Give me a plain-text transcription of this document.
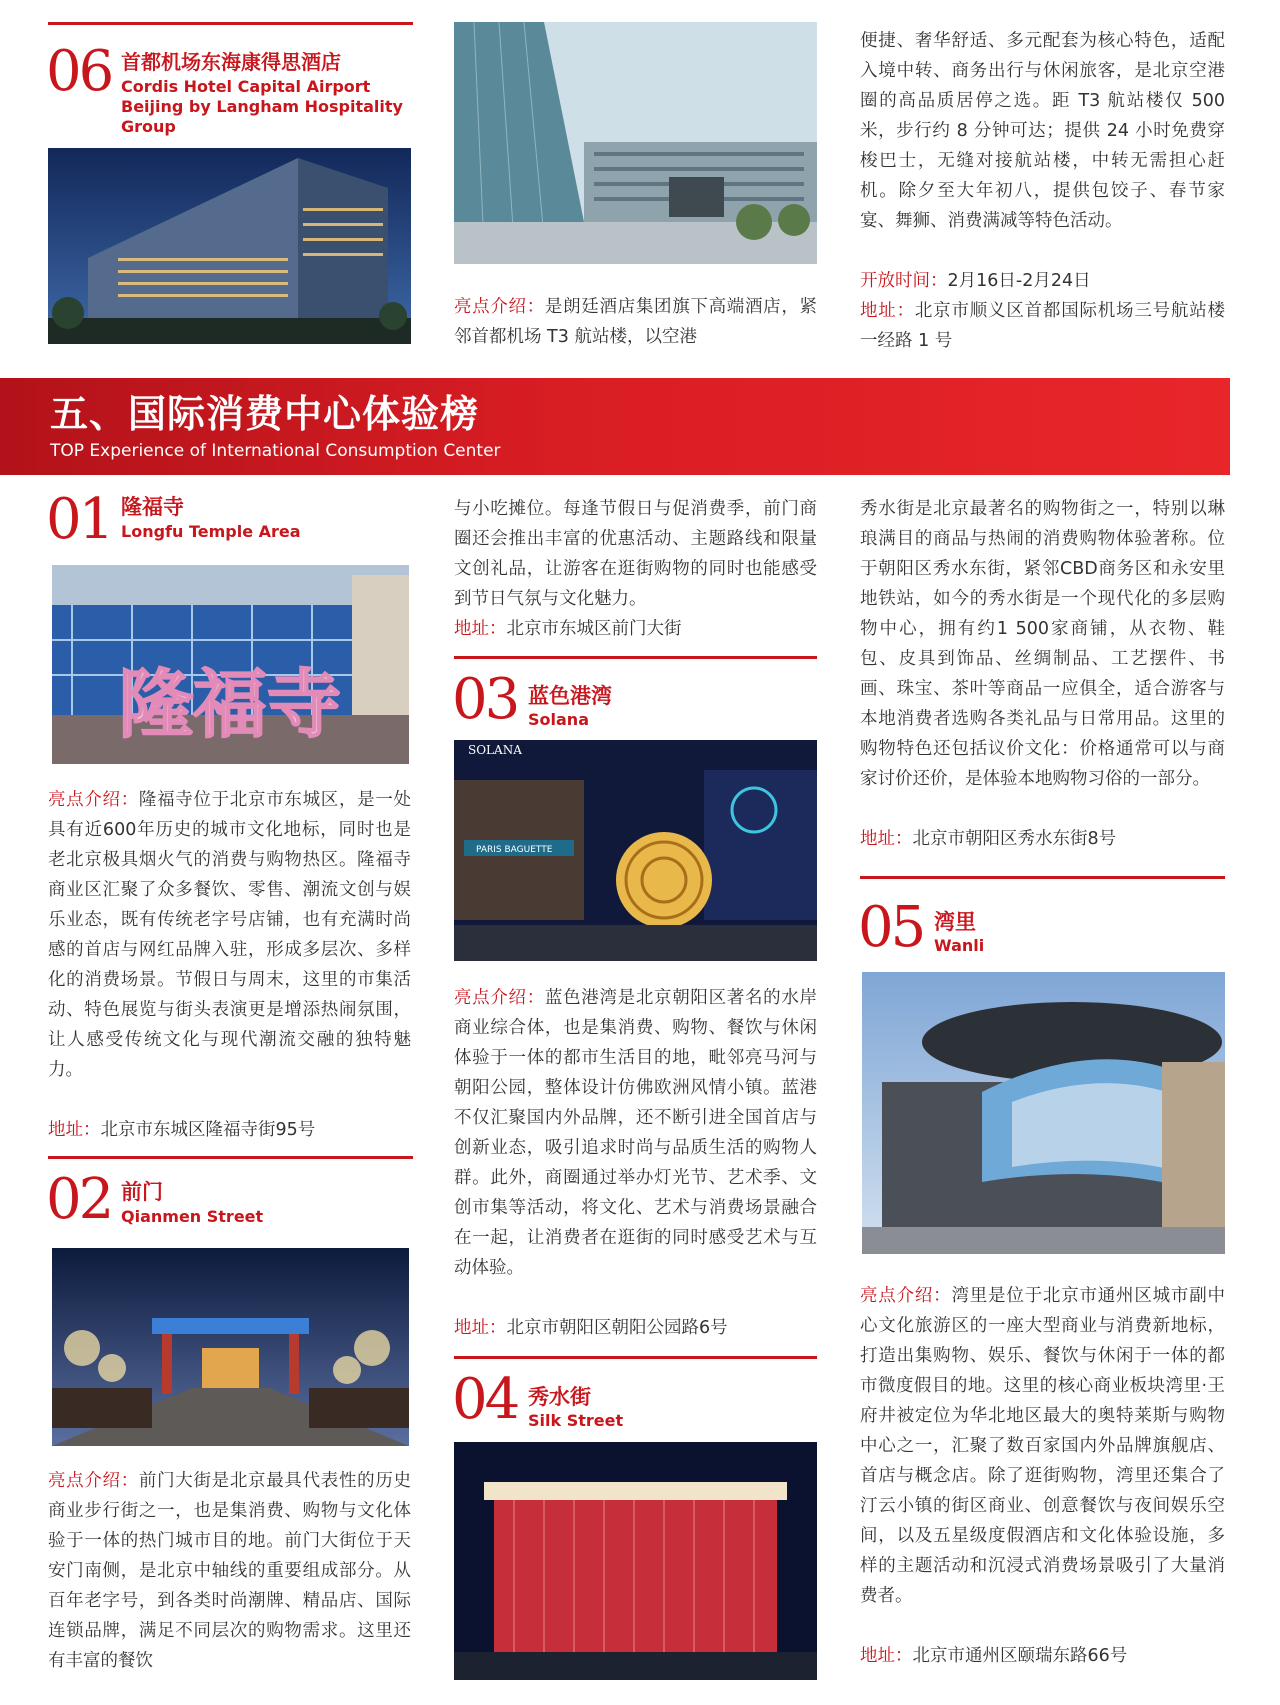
06 首都机场东海康得思酒店
Cordis Hotel Capital Airport Beijing by Langham Hospitality Group
亮点介绍：是朗廷酒店集团旗下高端酒店，紧邻首都机场 T3 航站楼，以空港
便捷、奢华舒适、多元配套为核心特色，适配入境中转、商务出行与休闲旅客，是北京空港圈的高品质居停之选。距 T3 航站楼仅 500 米，步行约 8 分钟可达；提供 24 小时免费穿梭巴士，无缝对接航站楼，中转无需担心赶机。除夕至大年初八，提供包饺子、春节家宴、舞狮、消费满减等特色活动。
开放时间：2月16日-2月24日
地址：北京市顺义区首都国际机场三号航站楼一经路 1 号
五、国际消费中心体验榜
TOP Experience of International Consumption Center
01 隆福寺
Longfu Temple Area
隆福寺
亮点介绍：隆福寺位于北京市东城区，是一处具有近600年历史的城市文化地标，同时也是老北京极具烟火气的消费与购物热区。隆福寺商业区汇聚了众多餐饮、零售、潮流文创与娱乐业态，既有传统老字号店铺，也有充满时尚感的首店与网红品牌入驻，形成多层次、多样化的消费场景。节假日与周末，这里的市集活动、特色展览与街头表演更是增添热闹氛围，让人感受传统文化与现代潮流交融的独特魅力。
地址：北京市东城区隆福寺街95号
02 前门
Qianmen Street
亮点介绍：前门大街是北京最具代表性的历史商业步行街之一，也是集消费、购物与文化体验于一体的热门城市目的地。前门大街位于天安门南侧，是北京中轴线的重要组成部分。从百年老字号，到各类时尚潮牌、精品店、国际连锁品牌，满足不同层次的购物需求。这里还有丰富的餐饮
与小吃摊位。每逢节假日与促消费季，前门商圈还会推出丰富的优惠活动、主题路线和限量文创礼品，让游客在逛街购物的同时也能感受到节日气氛与文化魅力。
地址：北京市东城区前门大街
03 蓝色港湾
Solana
SOLANA
PARIS BAGUETTE
亮点介绍：蓝色港湾是北京朝阳区著名的水岸商业综合体，也是集消费、购物、餐饮与休闲体验于一体的都市生活目的地，毗邻亮马河与朝阳公园，整体设计仿佛欧洲风情小镇。蓝港不仅汇聚国内外品牌，还不断引进全国首店与创新业态，吸引追求时尚与品质生活的购物人群。此外，商圈通过举办灯光节、艺术季、文创市集等活动，将文化、艺术与消费场景融合在一起，让消费者在逛街的同时感受艺术与互动体验。
地址：北京市朝阳区朝阳公园路6号
04 秀水街
Silk Street
秀水街是北京最著名的购物街之一，特别以琳琅满目的商品与热闹的消费购物体验著称。位于朝阳区秀水东街，紧邻CBD商务区和永安里地铁站，如今的秀水街是一个现代化的多层购物中心，拥有约1 500家商铺，从衣物、鞋包、皮具到饰品、丝绸制品、工艺摆件、书画、珠宝、茶叶等商品一应俱全，适合游客与本地消费者选购各类礼品与日常用品。这里的购物特色还包括议价文化：价格通常可以与商家讨价还价，是体验本地购物习俗的一部分。
地址：北京市朝阳区秀水东街8号
05 湾里
Wanli
亮点介绍：湾里是位于北京市通州区城市副中心文化旅游区的一座大型商业与消费新地标，打造出集购物、娱乐、餐饮与休闲于一体的都市微度假目的地。这里的核心商业板块湾里·王府井被定位为华北地区最大的奥特莱斯与购物中心之一，汇聚了数百家国内外品牌旗舰店、首店与概念店。除了逛街购物，湾里还集合了汀云小镇的街区商业、创意餐饮与夜间娱乐空间，以及五星级度假酒店和文化体验设施，多样的主题活动和沉浸式消费场景吸引了大量消费者。
地址：北京市通州区颐瑞东路66号
